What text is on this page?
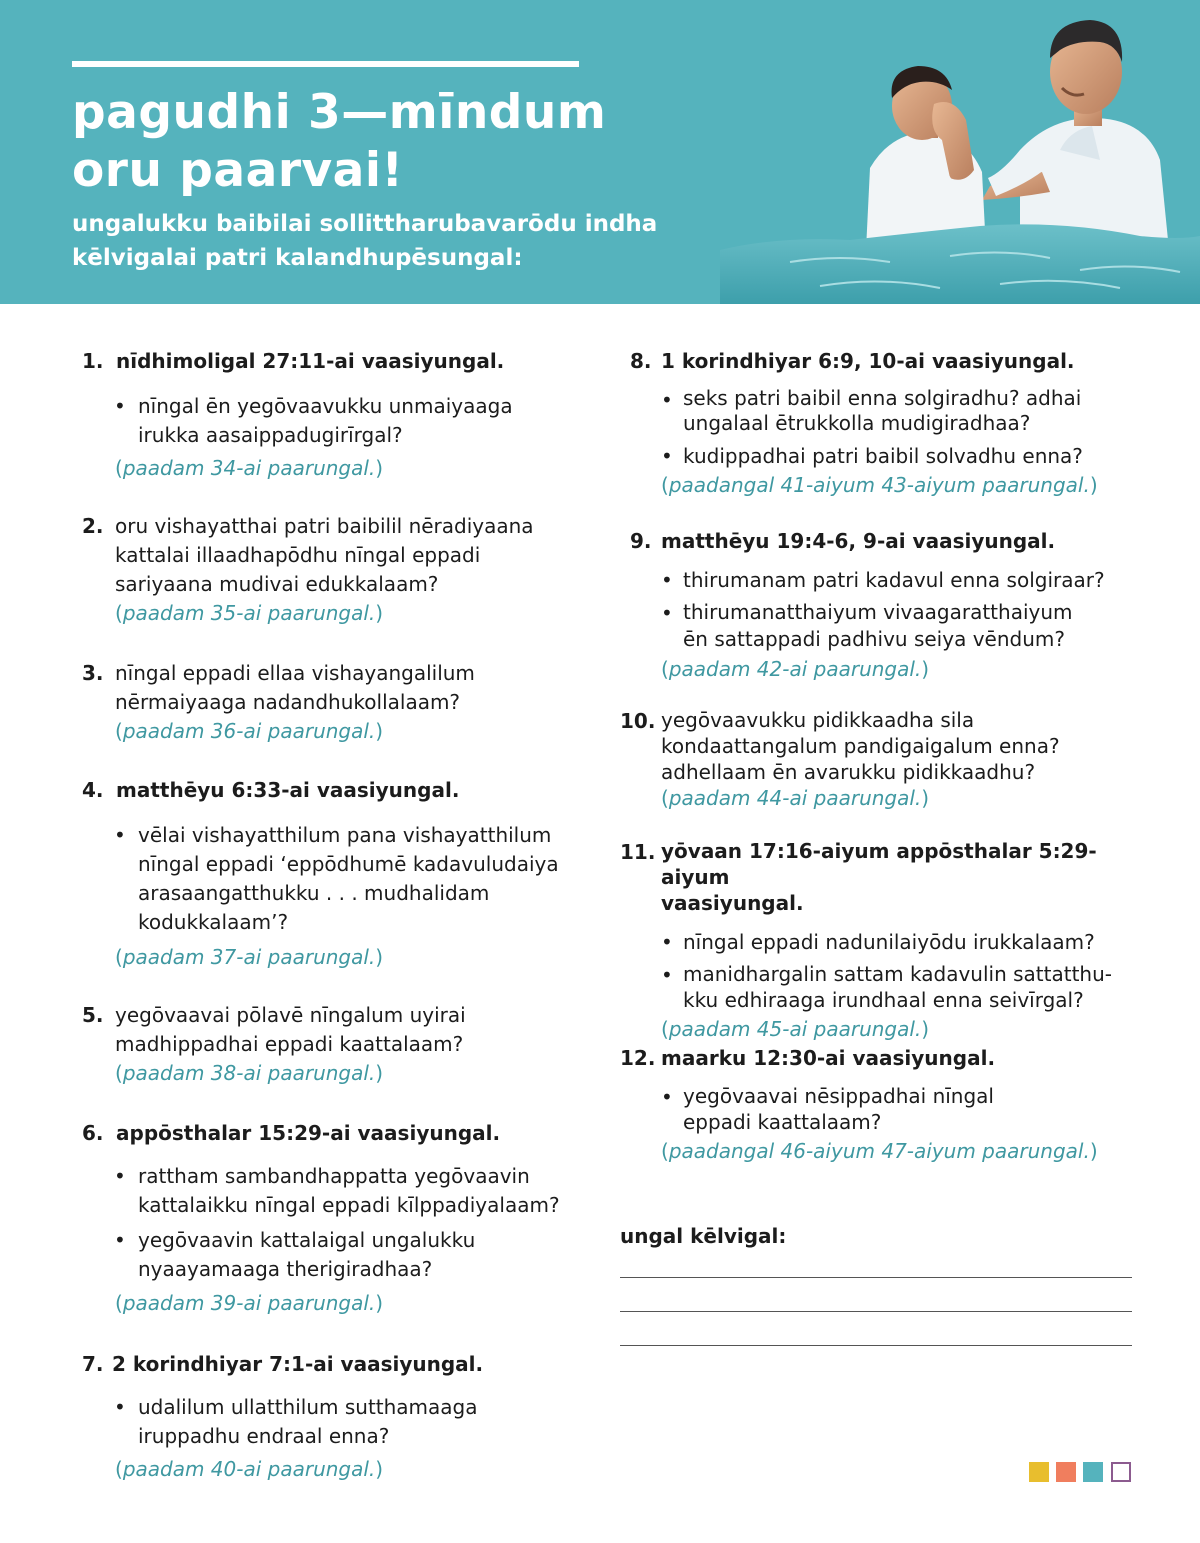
pagudhi 3—mīndum
oru paarvai!

ungalukku baibilai sollittharubavarōdu indha
kēlvigalai patri kalandhupēsungal:

1. nīdhimoligal 27:11-ai vaasiyungal.

• nīngal ēn yegōvaavukku unmaiyaaga
irukka aasaippadugirīrgal?
(paadam 34-ai paarungal.)
2. oru vishayatthai patri baibilil nēradiyaana
kattalai illaadhapōdhu nīngal eppadi
sariyaana mudivai edukkalaam?
(paadam 35-ai paarungal.)
3. nīngal eppadi ellaa vishayangalilum
nērmaiyaaga nadandhukollalaam?
(paadam 36-ai paarungal.)

4. matthēyu 6:33-ai vaasiyungal.

• vēlai vishayatthilum pana vishayatthilum
nīngal eppadi ‘eppōdhumē kadavuludaiya
arasaangatthukku . . . mudhalidam
kodukkalaam’?
(paadam 37-ai paarungal.)
5. yegōvaavai pōlavē nīngalum uyirai
madhippadhai eppadi kaattalaam?
(paadam 38-ai paarungal.)

6. appōsthalar 15:29-ai vaasiyungal.

• rattham sambandhappatta yegōvaavin
kattalaikku nīngal eppadi kīlppadiyalaam?
• yegōvaavin kattalaigal ungalukku
nyaayamaaga therigiradhaa?
(paadam 39-ai paarungal.)

7. 2 korindhiyar 7:1-ai vaasiyungal.

• udalilum ullatthilum sutthamaaga
iruppadhu endraal enna?
(paadam 40-ai paarungal.)

8. 1 korindhiyar 6:9, 10-ai vaasiyungal.

• seks patri baibil enna solgiradhu? adhai
ungalaal ētrukkolla mudigiradhaa?
• kudippadhai patri baibil solvadhu enna?
(paadangal 41-aiyum 43-aiyum paarungal.)

9. matthēyu 19:4-6, 9-ai vaasiyungal.

• thirumanam patri kadavul enna solgiraar?
• thirumanatthaiyum vivaagaratthaiyum
ēn sattappadi padhivu seiya vēndum?
(paadam 42-ai paarungal.)
10. yegōvaavukku pidikkaadha sila
kondaattangalum pandigaigalum enna?
adhellaam ēn avarukku pidikkaadhu?
(paadam 44-ai paarungal.)
11. yōvaan 17:16-aiyum appōsthalar 5:29-aiyum
vaasiyungal.
• nīngal eppadi nadunilaiyōdu irukkalaam?
• manidhargalin sattam kadavulin sattatthu-
kku edhiraaga irundhaal enna seivīrgal?
(paadam 45-ai paarungal.)

12. maarku 12:30-ai vaasiyungal.

• yegōvaavai nēsippadhai nīngal
eppadi kaattalaam?
(paadangal 46-aiyum 47-aiyum paarungal.)

ungal kēlvigal:
